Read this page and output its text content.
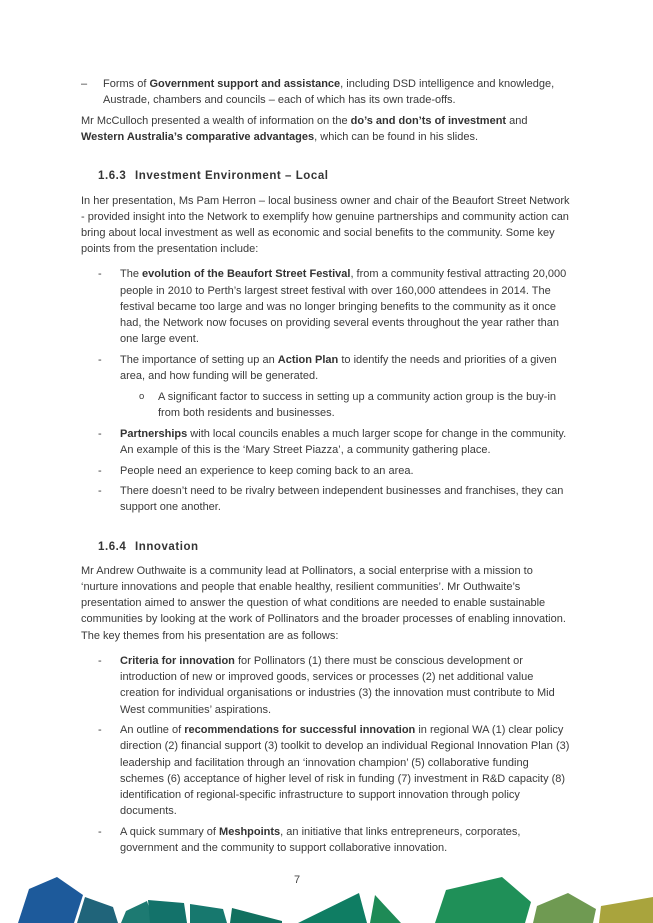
–	Forms of Government support and assistance, including DSD intelligence and knowledge, Austrade, chambers and councils – each of which has its own trade-offs.

Mr McCulloch presented a wealth of information on the do’s and don’ts of investment and Western Australia’s comparative advantages, which can be found in his slides.

1.6.3 Investment Environment – Local

In her presentation, Ms Pam Herron – local business owner and chair of the Beaufort Street Network - provided insight into the Network to exemplify how genuine partnerships and community action can bring about local investment as well as economic and social benefits to the community. Some key points from the presentation include:

-	The evolution of the Beaufort Street Festival, from a community festival attracting 20,000 people in 2010 to Perth’s largest street festival with over 160,000 attendees in 2014. The festival became too large and was no longer bringing benefits to the community as it once had, the Network now focuses on providing several events throughout the year rather than one large event.
-	The importance of setting up an Action Plan to identify the needs and priorities of a given area, and how funding will be generated.
o	A significant factor to success in setting up a community action group is the buy-in from both residents and businesses.
-	Partnerships with local councils enables a much larger scope for change in the community. An example of this is the ‘Mary Street Piazza’, a community gathering place.
-	People need an experience to keep coming back to an area.
-	There doesn’t need to be rivalry between independent businesses and franchises, they can support one another.
1.6.4 Innovation

Mr Andrew Outhwaite is a community lead at Pollinators, a social enterprise with a mission to ‘nurture innovations and people that enable healthy, resilient communities’. Mr Outhwaite’s presentation aimed to answer the question of what conditions are needed to enable sustainable communities by looking at the work of Pollinators and the broader processes of enabling innovation. The key themes from his presentation are as follows:

-	Criteria for innovation for Pollinators (1) there must be conscious development or introduction of new or improved goods, services or processes (2) net additional value creation for individual organisations or industries (3) the innovation must contribute to Mid West communities’ aspirations.
-	An outline of recommendations for successful innovation in regional WA (1) clear policy direction (2) financial support (3) toolkit to develop an individual Regional Innovation Plan (3) leadership and facilitation through an ‘innovation champion’ (5) collaborative funding schemes (6) acceptance of higher level of risk in funding (7) investment in R&D capacity (8) identification of regional-specific infrastructure to support innovation through policy documents.
-	A quick summary of Meshpoints, an initiative that links entrepreneurs, corporates, government and the community to support collaborative innovation.
7
